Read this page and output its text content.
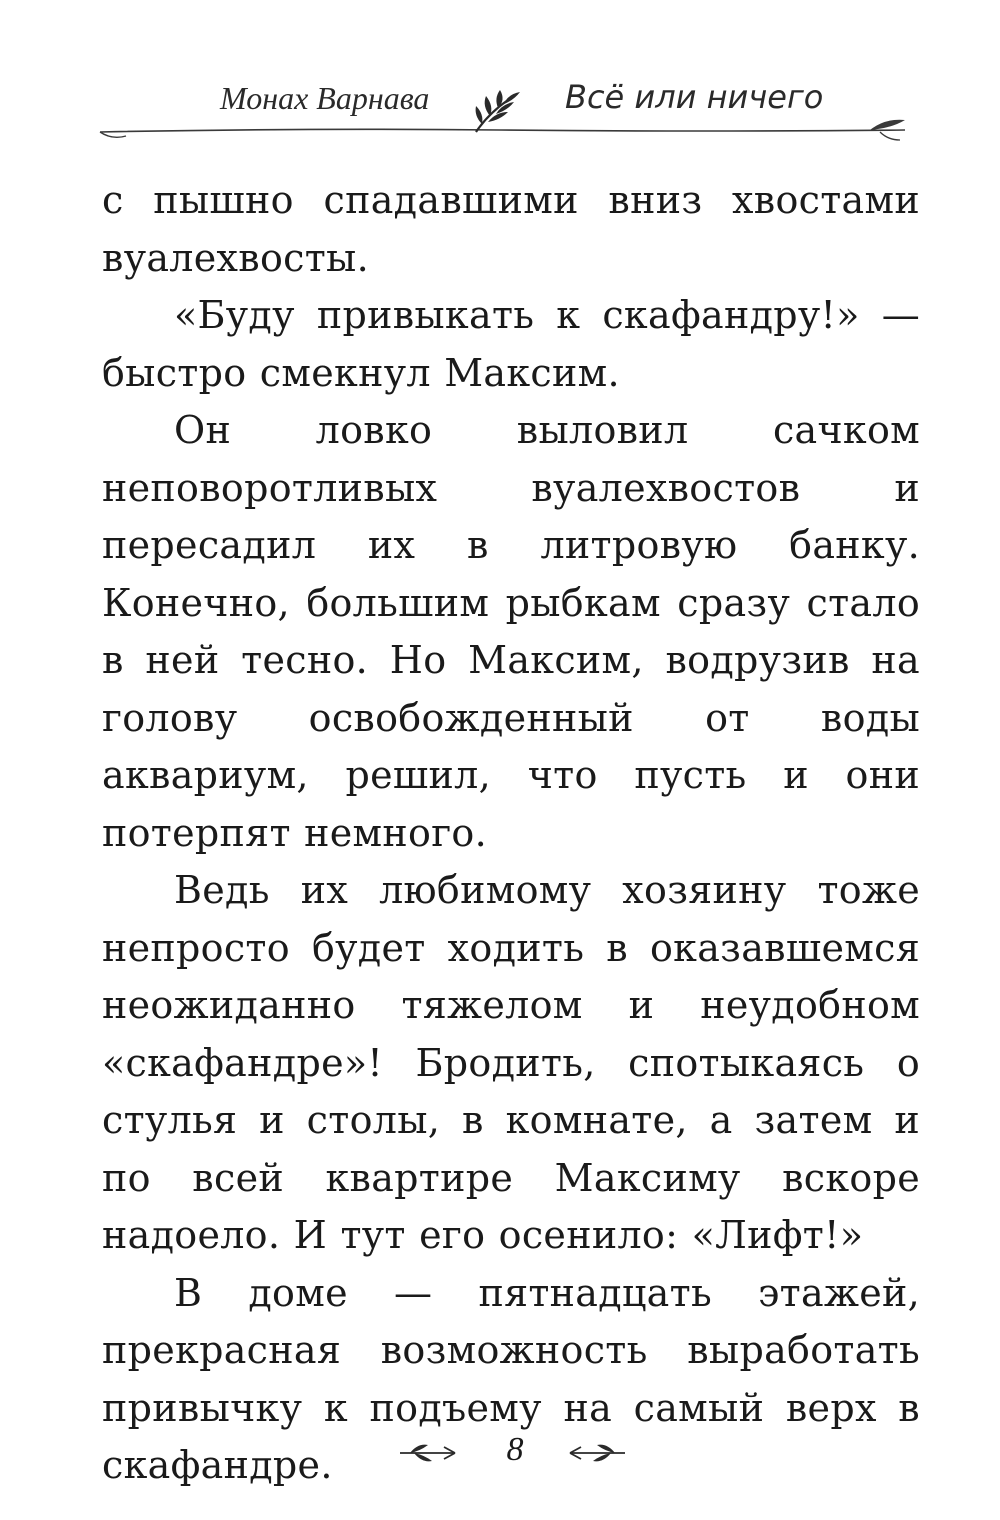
Монах Варнава	Всё или ничего

с пышно спадавшими вниз хвостами вуалехвосты.

«Буду привыкать к скафандру!» — быстро смекнул Максим.

Он ловко выловил сачком неповоротливых вуалехвостов и пересадил их в литровую банку. Конечно, большим рыбкам сразу стало в ней тесно. Но Максим, водрузив на голову освобожденный от воды аквариум, решил, что пусть и они потерпят немного.

Ведь их любимому хозяину тоже непросто будет ходить в оказавшемся неожиданно тяжелом и неудобном «скафандре»! Бродить, спотыкаясь о стулья и столы, в комнате, а затем и по всей квартире Максиму вскоре надоело. И тут его осенило: «Лифт!»

В доме — пятнадцать этажей, прекрасная возможность выработать привычку к подъему на самый верх в скафандре.	8
